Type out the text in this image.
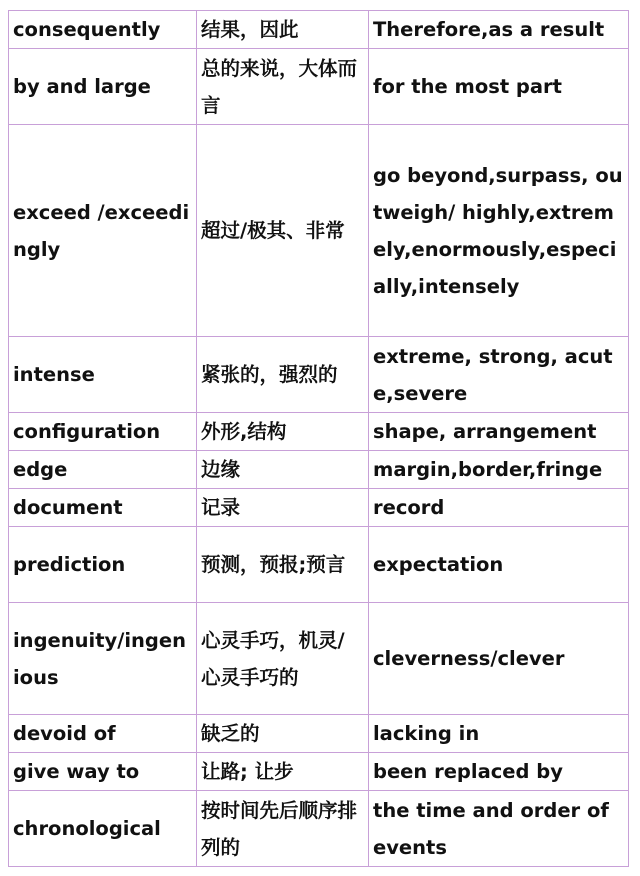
consequently	结果，因此	Therefore,as a result
by and large	总的来说，大体而言	for the most part
exceed /exceedingly	超过/极其、非常	go beyond,surpass, outweigh/ highly,extremely,enormously,especially,intensely
intense	紧张的，强烈的	extreme, strong, acute,severe
configuration	外形,结构	shape, arrangement
edge	边缘	margin,border,fringe
document	记录	record
prediction	预测，预报;预言	expectation
ingenuity/ingenious	心灵手巧，机灵/心灵手巧的	cleverness/clever
devoid of	缺乏的	lacking in
give way to	让路; 让步	been replaced by
chronological	按时间先后顺序排列的	the time and order of events
